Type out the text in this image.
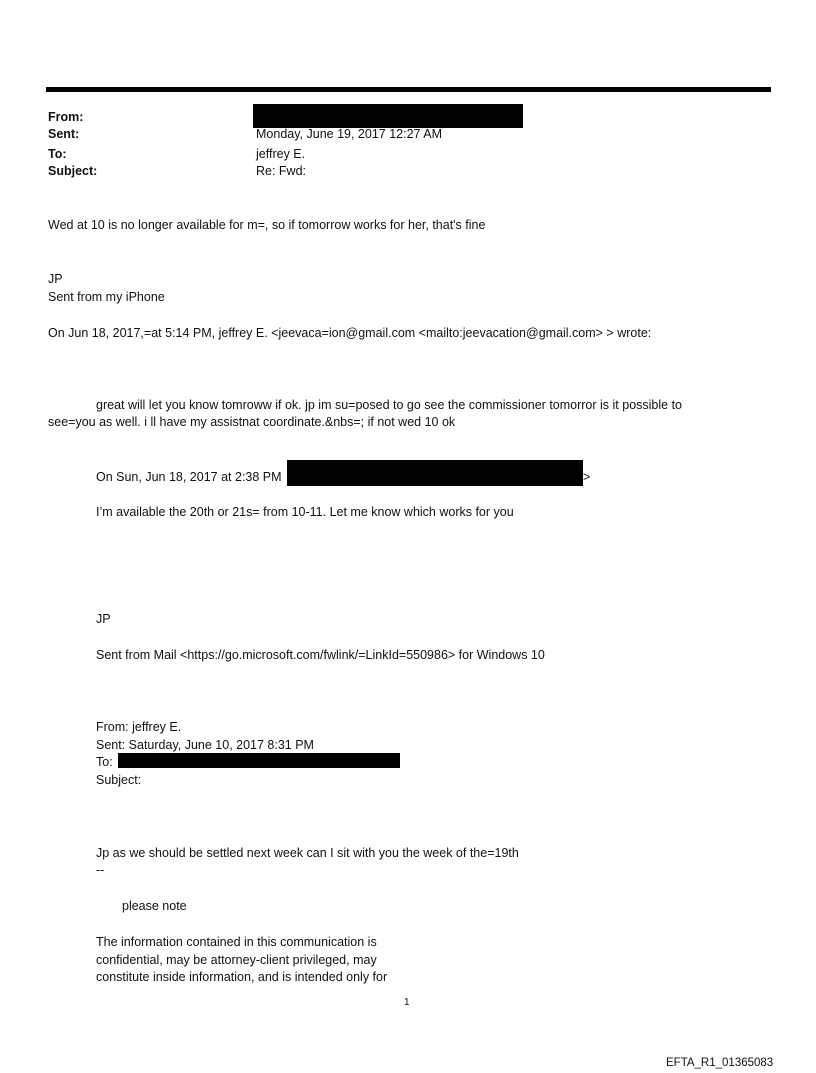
From:
Sent:	Monday, June 19, 2017 12:27 AM
To:	jeffrey E.
Subject:	Re: Fwd:
Wed at 10 is no longer available for m=, so if tomorrow works for her, that's fine
JP
Sent from my iPhone
On Jun 18, 2017,=at 5:14 PM, jeffrey E. <jeevaca=ion@gmail.com <mailto:jeevacation@gmail.com> > wrote:
great will let you know tomroww if ok. jp im su=posed to go see the commissioner tomorror is it possible to
see=you as well. i ll have my assistnat coordinate.&nbs=; if not wed 10 ok
On Sun, Jun 18, 2017 at 2:38 PM	>
I’m available the 20th or 21s= from 10-11. Let me know which works for you
JP
Sent from Mail <https://go.microsoft.com/fwlink/=LinkId=550986> for Windows 10
From: jeffrey E.
Sent: Saturday, June 10, 2017 8:31 PM
To:
Subject:
Jp as we should be settled next week can I sit with you the week of the=19th
--
please note
The information contained in this communication is
confidential, may be attorney-client privileged, may
constitute inside information, and is intended only for
1
EFTA_R1_01365083
